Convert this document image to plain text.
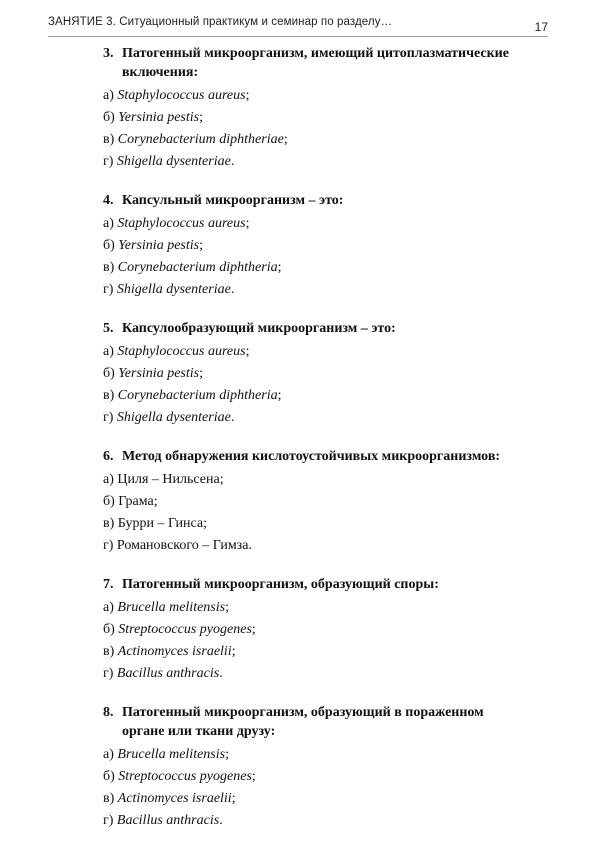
ЗАНЯТИЕ 3. Ситуационный практикум и семинар по разделу…	17
3. Патогенный микроорганизм, имеющий цитоплазматические включения:
а) Staphylococcus aureus ;
б) Yersinia pestis ;
в) Corynebacterium diphtheriae ;
г) Shigella dysenteriae .
4. Капсульный микроорганизм – это:
а) Staphylococcus aureus ;
б) Yersinia pestis ;
в) Corynebacterium diphtheria ;
г) Shigella dysenteriae .
5. Капсулообразующий микроорганизм – это:
а) Staphylococcus aureus ;
б) Yersinia pestis ;
в) Corynebacterium diphtheria ;
г) Shigella dysenteriae .
6. Метод обнаружения кислотоустойчивых микроорганизмов:
а) Циля – Нильсена;
б) Грама;
в) Бурри – Гинса;
г) Романовского – Гимза.
7. Патогенный микроорганизм, образующий споры:
а) Brucella melitensis ;
б) Streptococcus pyogenes ;
в) Actinomyces israelii ;
г) Bacillus anthracis .
8. Патогенный микроорганизм, образующий в пораженном органе или ткани друзу:
а) Brucella melitensis ;
б) Streptococcus pyogenes ;
в) Actinomyces israelii ;
г) Bacillus anthracis .
